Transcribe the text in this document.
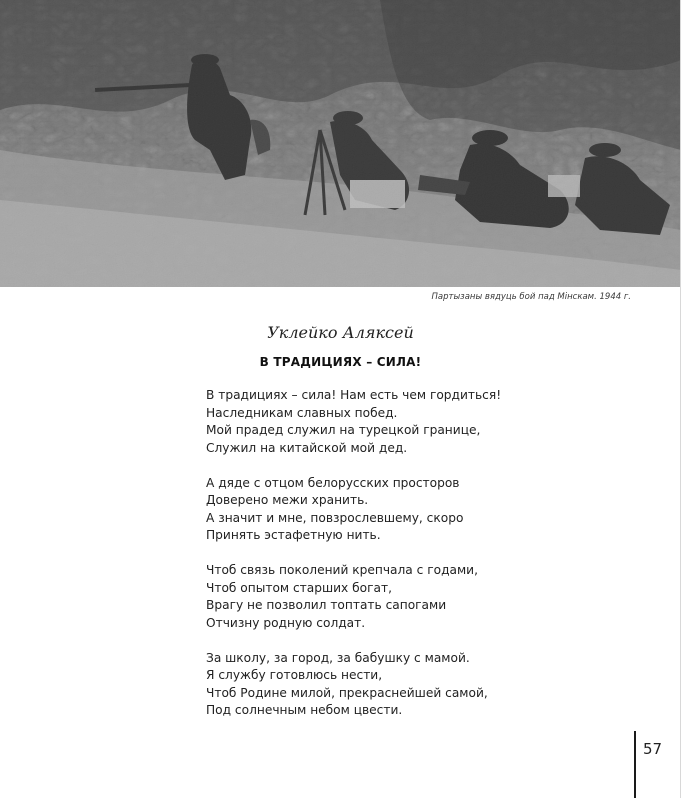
Партызаны вядуць бой пад Мінскам. 1944 г.
Уклейко Аляксей
В ТРАДИЦИЯХ – СИЛА!
В традициях – сила! Нам есть чем гордиться!
Наследникам славных побед.
Мой прадед служил на турецкой границе,
Служил на китайской мой дед.
А дяде с отцом белорусских просторов
Доверено межи хранить.
А значит и мне, повзрослевшему, скоро
Принять эстафетную нить.
Чтоб связь поколений крепчала с годами,
Чтоб опытом старших богат,
Врагу не позволил топтать сапогами
Отчизну родную солдат.
За школу, за город, за бабушку с мамой.
Я службу готовлюсь нести,
Чтоб Родине милой, прекраснейшей самой,
Под солнечным небом цвести.
57
